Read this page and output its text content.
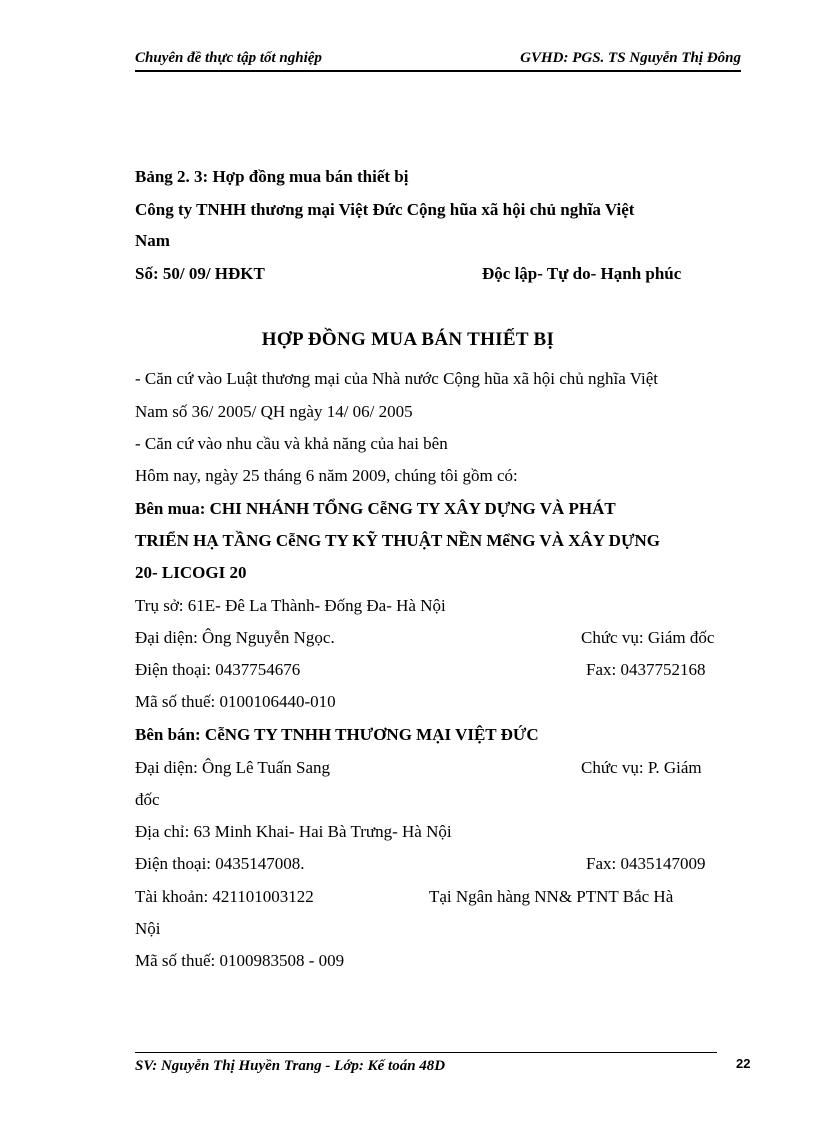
Chuyên đề thực tập tốt nghiệp	GVHD: PGS. TS Nguyễn Thị Đông
Bảng 2. 3: Hợp đồng mua bán thiết bị
Công ty TNHH thương mại Việt Đức Cộng hũa xã hội chủ nghĩa Việt
Nam
Số: 50/ 09/ HĐKT	Độc lập- Tự do- Hạnh phúc
HỢP ĐỒNG MUA BÁN THIẾT BỊ
- Căn cứ vào Luật thương mại của Nhà nước Cộng hũa xã hội chủ nghĩa Việt
Nam số 36/ 2005/ QH ngày 14/ 06/ 2005
- Căn cứ vào nhu cầu và khả năng của hai bên
Hôm nay, ngày 25 tháng 6 năm 2009, chúng tôi gồm có:
Bên mua: CHI NHÁNH TỔNG CễNG TY XÂY DỰNG VÀ PHÁT
TRIỂN HẠ TẦNG CễNG TY KỸ THUẬT NỀN MểNG VÀ XÂY DỰNG
20- LICOGI 20
Trụ sở: 61E- Đê La Thành- Đống Đa- Hà Nội
Đại diện: Ông Nguyễn Ngọc.	Chức vụ: Giám đốc
Điện thoại: 0437754676	Fax: 0437752168
Mã số thuế: 0100106440-010
Bên bán: CễNG TY TNHH THƯƠNG MẠI VIỆT ĐỨC
Đại diện: Ông Lê Tuấn Sang	Chức vụ: P. Giám
đốc
Địa chỉ: 63 Minh Khai- Hai Bà Trưng- Hà Nội
Điện thoại: 0435147008.	Fax: 0435147009
Tài khoản: 421101003122	Tại Ngân hàng NN& PTNT Bắc Hà
Nội
Mã số thuế: 0100983508 - 009
SV: Nguyễn Thị Huyền Trang - Lớp: Kế toán 48D	22
